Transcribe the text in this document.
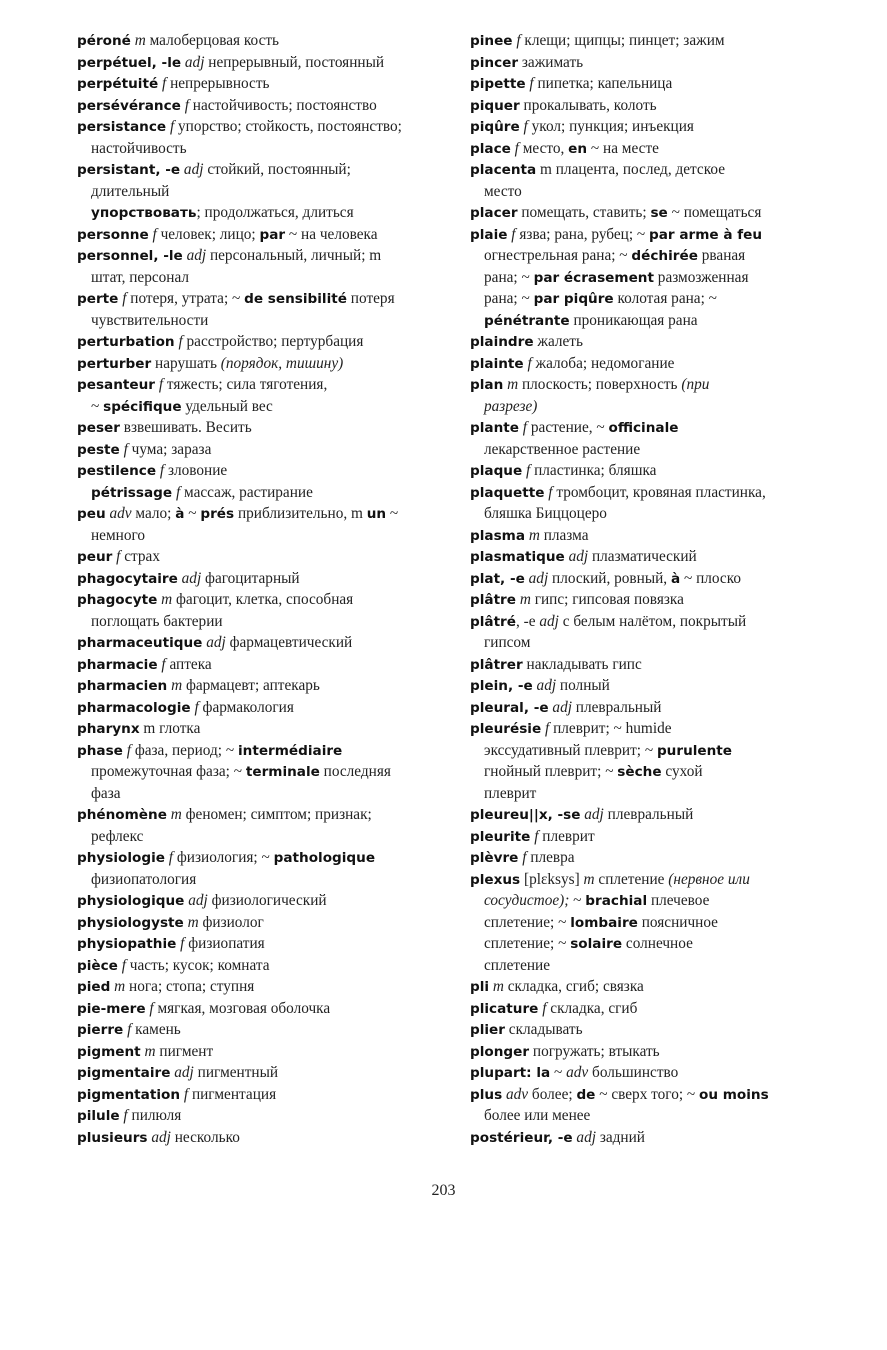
péroné m малоберцовая кость
perpétuel, -le adj непрерывный, постоянный
perpétuité f непрерывность
persévérance f настойчивость; постоянство
persistance f упорство; стойкость, постоянство;
настойчивость
persistant, -e adj стойкий, постоянный;
длительный
упорствовать; продолжаться, длиться
personne f человек; лицо; par ~ на человека
personnel, -le adj персональный, личный; m
штат, персонал
perte f потеря, утрата; ~ de sensibilité потеря
чувствительности
perturbation f расстройство; пертурбация
perturber нарушать (порядок, тишину)
pesanteur f тяжесть; сила тяготения,
~ spécifique удельный вес
peser взвешивать. Весить
peste f чума; зараза
pestilence f зловоние
pétrissage f массаж, растирание
peu adv мало; à ~ prés приблизительно, m un ~
немного
peur f страх
phagocytaire adj фагоцитарный
phagocyte m фагоцит, клетка, способная
поглощать бактерии
pharmaceutique adj фармацевтический
pharmacie f аптека
pharmacien m фармацевт; аптекарь
pharmacologie f фармакология
pharynx m глотка
phase f фаза, период; ~ intermédiaire
промежуточная фаза; ~ terminale последняя
фаза
phénomène m феномен; симптом; признак;
рефлекс
physiologie f физиология; ~ pathologique
физиопатология
physiologique adj физиологический
physiologyste m физиолог
physiopathie f физиопатия
pièce f часть; кусок; комната
pied m нога; стопа; ступня
pie-mere f мягкая, мозговая оболочка
pierre f камень
pigment m пигмент
pigmentaire adj пигментный
pigmentation f пигментация
pilule f пилюля
plusieurs adj несколько
pinee f клещи; щипцы; пинцет; зажим
pincer зажимать
pipette f пипетка; капельница
piquer прокалывать, колоть
piqûre f укол; пункция; инъекция
place f место, en ~ на месте
placenta m плацента, послед, детское
место
placer помещать, ставить; se ~ помещаться
plaie f язва; рана, рубец; ~ par arme à feu
огнестрельная рана; ~ déchirée рваная
рана; ~ par écrasement размозженная
рана; ~ par piqûre колотая рана; ~
pénétrante проникающая рана
plaindre жалеть
plainte f жалоба; недомогание
plan m плоскость; поверхность (при
разрезе)
plante f растение, ~ officinale
лекарственное растение
plaque f пластинка; бляшка
plaquette f тромбоцит, кровяная пластинка,
бляшка Биццоцеро
plasma m плазма
plasmatique adj плазматический
plat, -e adj плоский, ровный, à ~ плоско
plâtre m гипс; гипсовая повязка
plâtré, -e adj с белым налётом, покрытый
гипсом
plâtrer накладывать гипс
plein, -e adj полный
pleural, -e adj плевральный
pleurésie f плеврит; ~ humide
экссудативный плеврит; ~ purulente
гнойный плеврит; ~ sèche сухой
плеврит
pleureu||x, -se adj плевральный
pleurite f плеврит
plèvre f плевра
plexus [plɛksys] m сплетение (нервное или
сосудистое); ~ brachial плечевое
сплетение; ~ lombaire поясничное
сплетение; ~ solaire солнечное
сплетение
pli m складка, сгиб; связка
plicature f складка, сгиб
plier складывать
plonger погружать; втыкать
plupart: la ~ adv большинство
plus adv более; de ~ сверх того; ~ ou moins
более или менее
postérieur, -e adj задний
203
